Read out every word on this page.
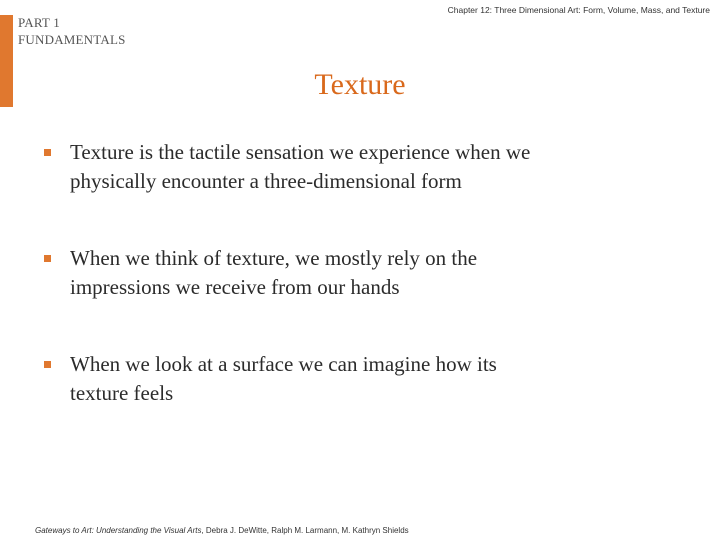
PART 1
FUNDAMENTALS
Chapter 12: Three Dimensional Art: Form, Volume, Mass, and Texture
Texture
Texture is the tactile sensation we experience when we
physically encounter a three-dimensional form
When we think of texture, we mostly rely on the
impressions we receive from our hands
When we look at a surface we can imagine how its
texture feels
Gateways to Art: Understanding the Visual Arts, Debra J. DeWitte, Ralph M. Larmann, M. Kathryn Shields
